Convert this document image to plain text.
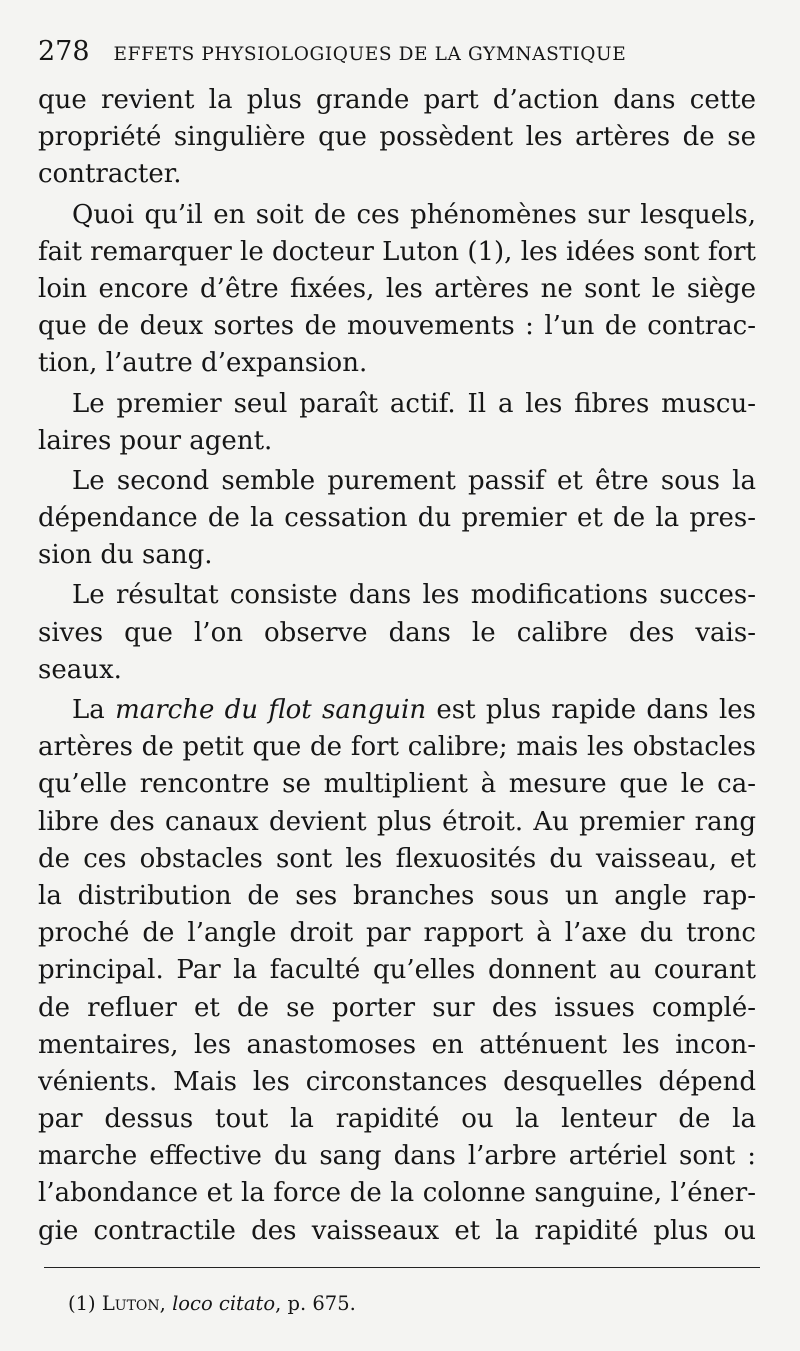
278 EFFETS PHYSIOLOGIQUES DE LA GYMNASTIQUE
que revient la plus grande part d’action dans cette
propriété singulière que possèdent les artères de se
contracter.
Quoi qu’il en soit de ces phénomènes sur lesquels,
fait remarquer le docteur Luton (1), les idées sont fort
loin encore d’être fixées, les artères ne sont le siège
que de deux sortes de mouvements : l’un de contrac-
tion, l’autre d’expansion.
Le premier seul paraît actif. Il a les fibres muscu-
laires pour agent.
Le second semble purement passif et être sous la
dépendance de la cessation du premier et de la pres-
sion du sang.
Le résultat consiste dans les modifications succes-
sives que l’on observe dans le calibre des vais-
seaux.
La marche du flot sanguin est plus rapide dans les
artères de petit que de fort calibre; mais les obstacles
qu’elle rencontre se multiplient à mesure que le ca-
libre des canaux devient plus étroit. Au premier rang
de ces obstacles sont les flexuosités du vaisseau, et
la distribution de ses branches sous un angle rap-
proché de l’angle droit par rapport à l’axe du tronc
principal. Par la faculté qu’elles donnent au courant
de refluer et de se porter sur des issues complé-
mentaires, les anastomoses en atténuent les incon-
vénients. Mais les circonstances desquelles dépend
par dessus tout la rapidité ou la lenteur de la
marche effective du sang dans l’arbre artériel sont :
l’abondance et la force de la colonne sanguine, l’éner-
gie contractile des vaisseaux et la rapidité plus ou
(1) Luton, loco citato, p. 675.
